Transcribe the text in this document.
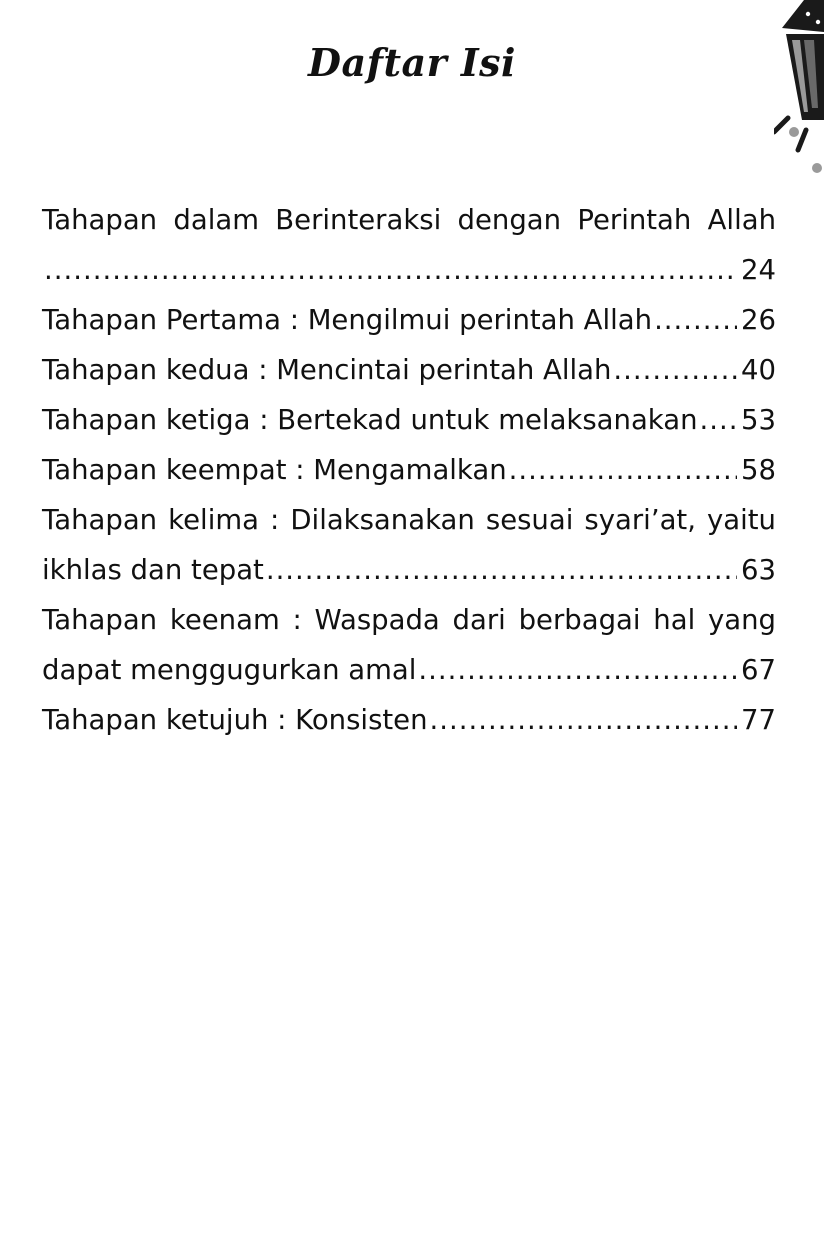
Daftar Isi
Tahapan dalam Berinteraksi dengan Perintah Allah
.....
24
Tahapan Pertama : Mengilmui perintah Allah .....	26
Tahapan kedua : Mencintai perintah Allah .....	40
Tahapan ketiga : Bertekad untuk melaksanakan ..... 53
Tahapan keempat : Mengamalkan .....	58
Tahapan kelima : Dilaksanakan sesuai syari’at, yaitu
ikhlas dan tepat .....	63
Tahapan keenam : Waspada dari berbagai hal yang
dapat menggugurkan amal .....	67
Tahapan ketujuh : Konsisten .....	77
